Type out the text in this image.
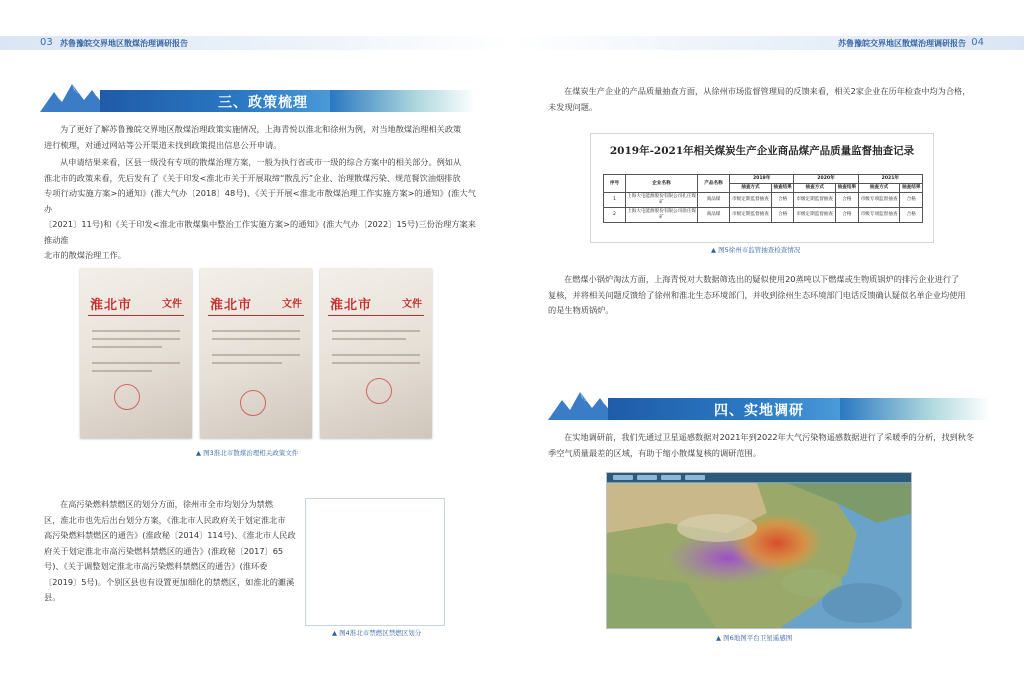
03 苏鲁豫皖交界地区散煤治理调研报告
三、政策梳理
为了更好了解苏鲁豫皖交界地区散煤治理政策实施情况，上海青悦以淮北和徐州为例，对当地散煤治理相关政策
进行梳理，对通过网站等公开渠道未找到政策提出信息公开申请。
从申请结果来看，区县一级没有专项的散煤治理方案，一般为执行省或市一级的综合方案中的相关部分。例如从
淮北市的政策来看，先后发有了《关于印发<淮北市关于开展取缔“散乱污”企业、治理散煤污染、规范餐饮油烟排放
专项行动实施方案>的通知》(淮大气办〔2018〕48号)、《关于开展<淮北市散煤治理工作实施方案>的通知》(淮大气办
〔2021〕11号)和《关于印发<淮北市散煤集中整治工作实施方案>的通知》(淮大气办〔2022〕15号)三份治理方案来推动淮
北市的散煤治理工作。
淮北市	文件 淮北市	文件 淮北市	文件
▲ 图3淮北市散煤治理相关政策文件
在高污染燃料禁燃区的划分方面，徐州市全市均划分为禁燃
区，淮北市也先后出台划分方案，《淮北市人民政府关于划定淮北市
高污染燃料禁燃区的通告》(淮政秘〔2014〕114号)、《淮北市人民政
府关于划定淮北市高污染燃料禁燃区的通告》(淮政秘〔2017〕65
号)、《关于调整划定淮北市高污染燃料禁燃区的通告》(淮环委
〔2019〕5号)。个别区县也有设置更加细化的禁燃区，如淮北的濉溪
县。
▲ 图4淮北市禁燃区禁燃区划分
苏鲁豫皖交界地区散煤治理调研报告 04
在煤炭生产企业的产品质量抽查方面，从徐州市场监督管理局的反馈来看，相关2家企业在历年检查中均为合格，
未发现问题。
2019年-2021年相关煤炭生产企业商品煤产品质量监督抽查记录
序号	企业名称	产品名称	2019年		2020年		2021年	
			抽查方式	抽查结果	抽查方式	抽查结果	抽查方式	抽查结果
1	上海大屯能源股份有限公司孔庄煤矿	商品煤	市级定期监督抽查	合格	市级定期监督抽查	合格	市级专项监督抽查	合格
2	上海大屯能源股份有限公司徐庄煤矿	商品煤	市级定期监督抽查	合格	市级定期监督抽查	合格	市级专项监督抽查	合格
▲ 图5徐州市监管抽查检查情况
在燃煤小锅炉淘汰方面，上海青悦对大数据筛选出的疑似使用20蒸吨以下燃煤或生物质锅炉的排污企业进行了
复核，并将相关问题反馈给了徐州和淮北生态环境部门，并收到徐州生态环境部门电话反馈确认疑似名单企业均使用
的是生物质锅炉。
四、实地调研
在实地调研前，我们先通过卫星遥感数据对2021年到2022年大气污染物遥感数据进行了采暖季的分析，找到秋冬
季空气质量最差的区域，有助于缩小散煤复核的调研范围。
▲ 图6地图平台卫星遥感图
